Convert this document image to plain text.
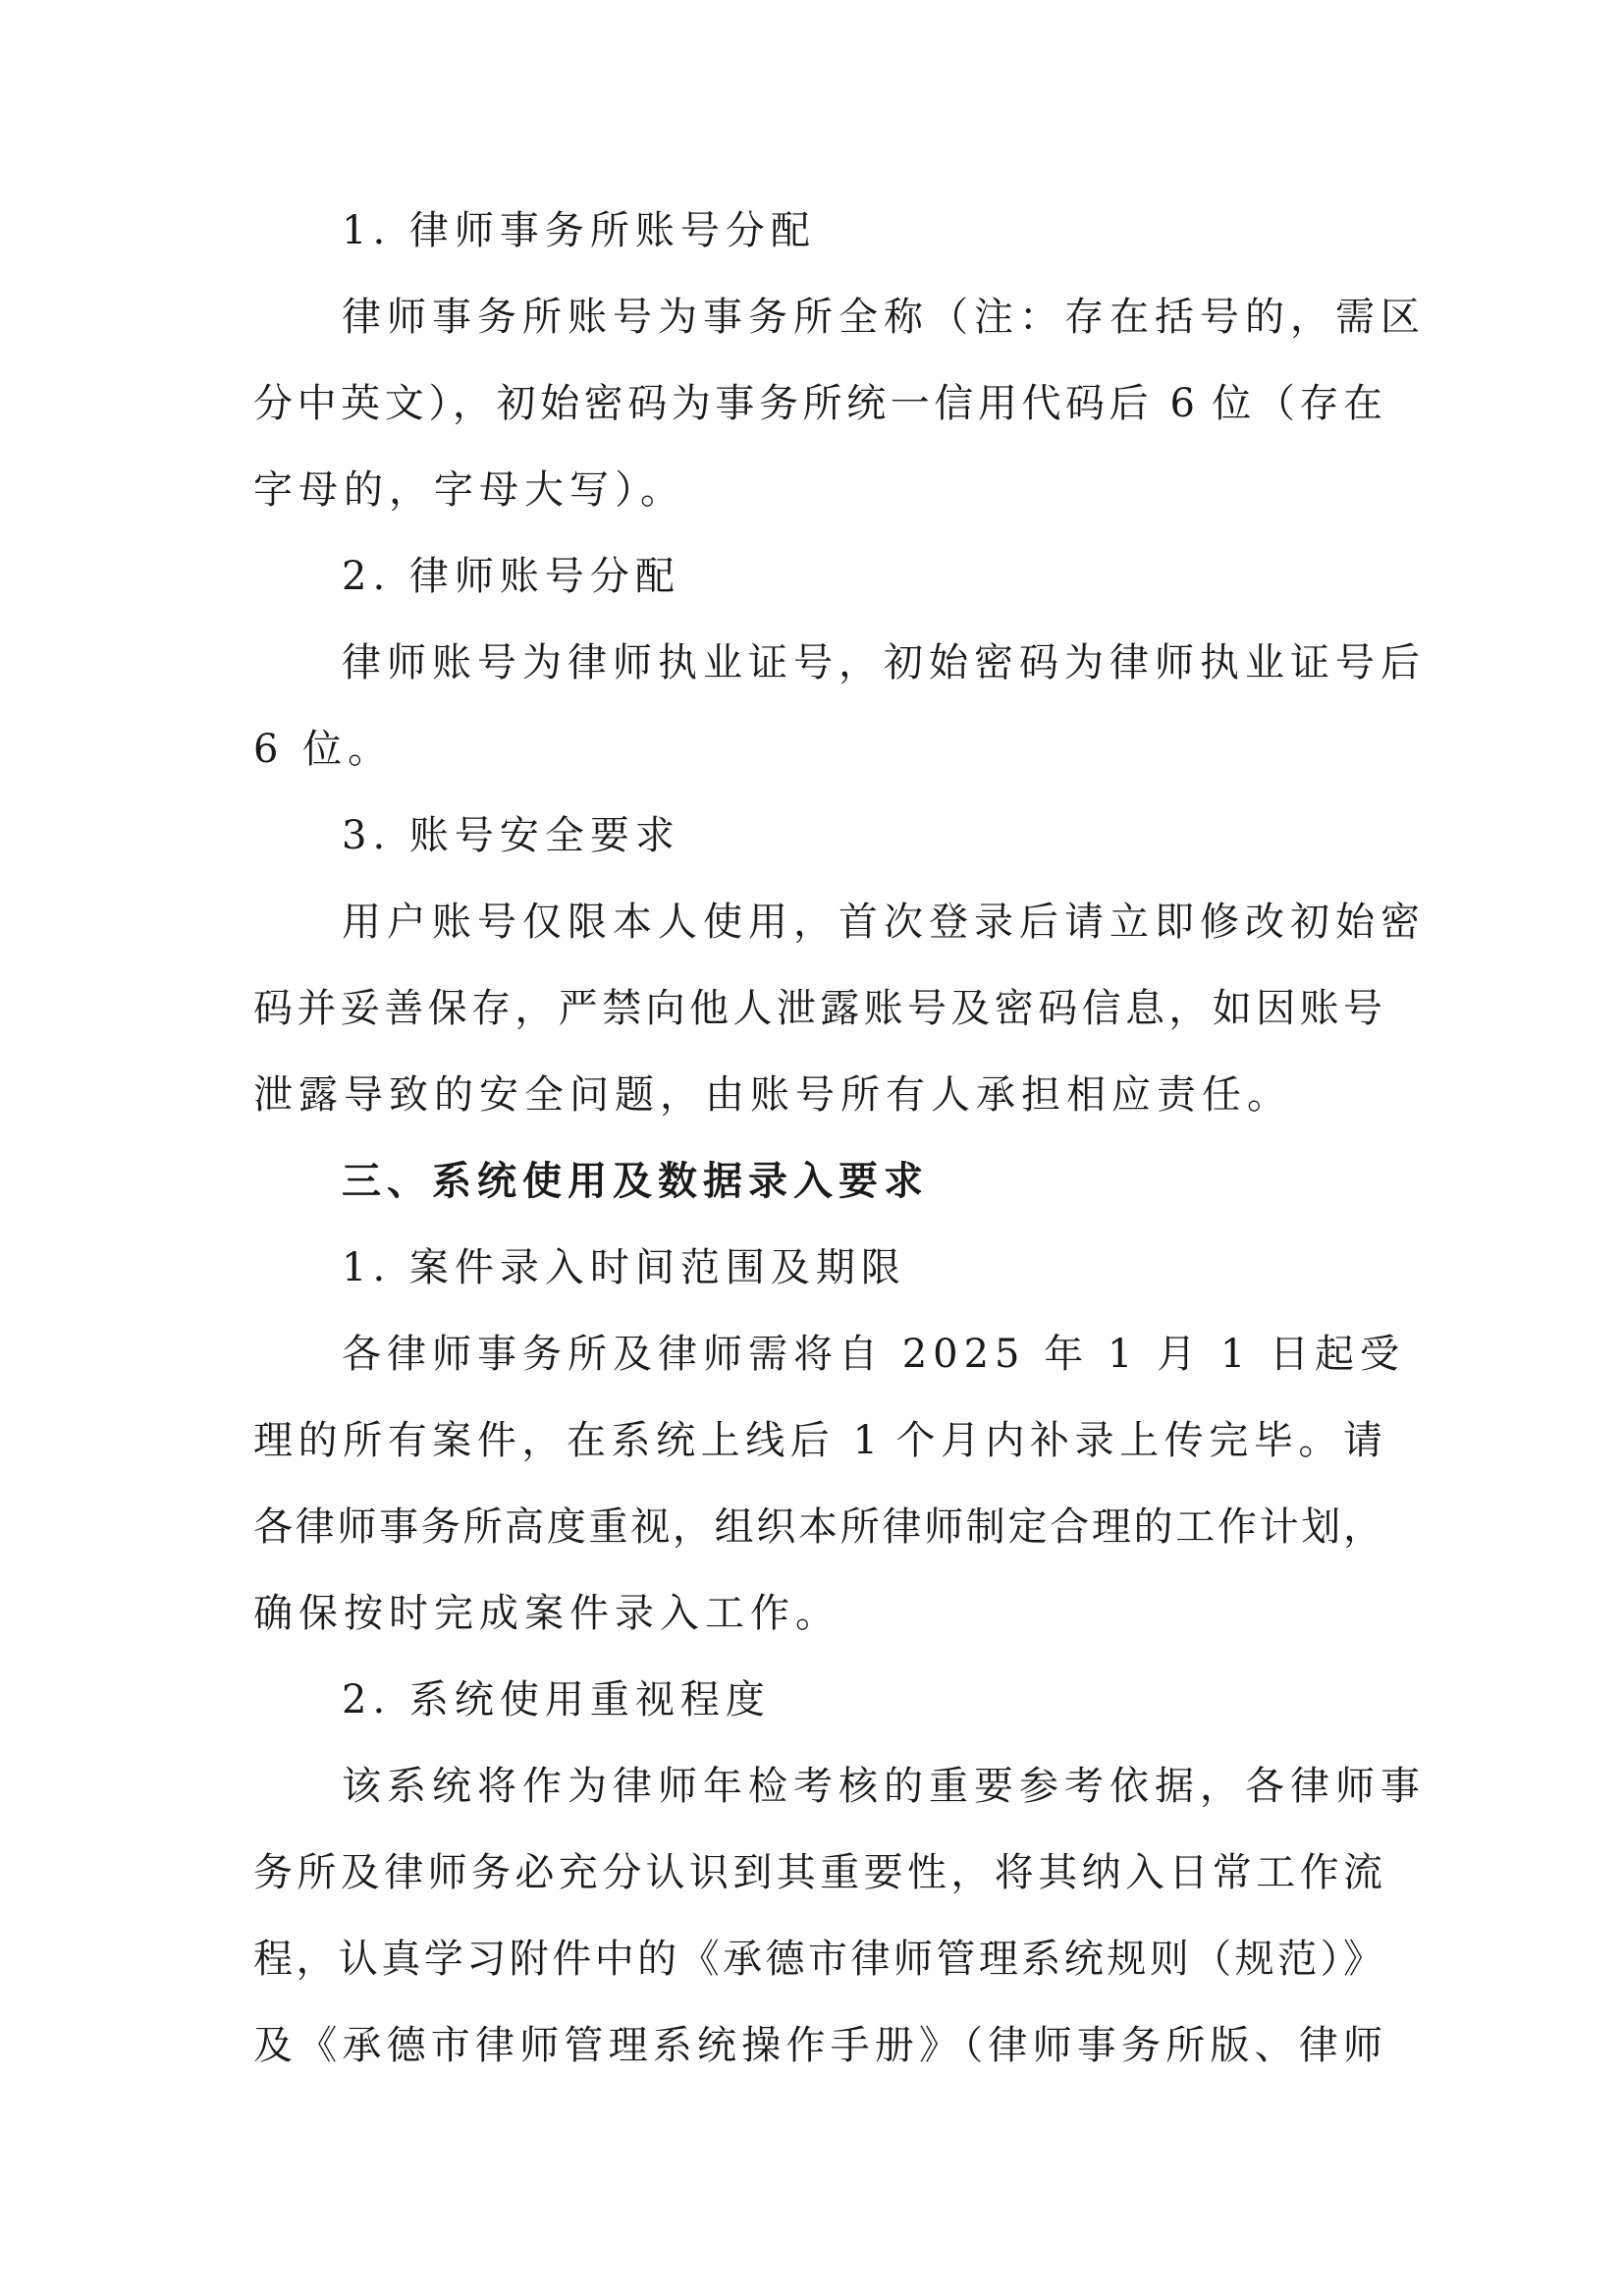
1. 律师事务所账号分配
律师事务所账号为事务所全称（注：存在括号的，需区
分中英文），初始密码为事务所统一信用代码后 6 位（存在
字母的，字母大写）。
2. 律师账号分配
律师账号为律师执业证号，初始密码为律师执业证号后
6 位。
3. 账号安全要求
用户账号仅限本人使用，首次登录后请立即修改初始密
码并妥善保存，严禁向他人泄露账号及密码信息，如因账号
泄露导致的安全问题，由账号所有人承担相应责任。
三、系统使用及数据录入要求
1. 案件录入时间范围及期限
各律师事务所及律师需将自 2025 年 1 月 1 日起受
理的所有案件，在系统上线后 1 个月内补录上传完毕。请
各律师事务所高度重视，组织本所律师制定合理的工作计划，
确保按时完成案件录入工作。
2. 系统使用重视程度
该系统将作为律师年检考核的重要参考依据，各律师事
务所及律师务必充分认识到其重要性，将其纳入日常工作流
程，认真学习附件中的《承德市律师管理系统规则（规范）》
及《承德市律师管理系统操作手册》（律师事务所版、律师
